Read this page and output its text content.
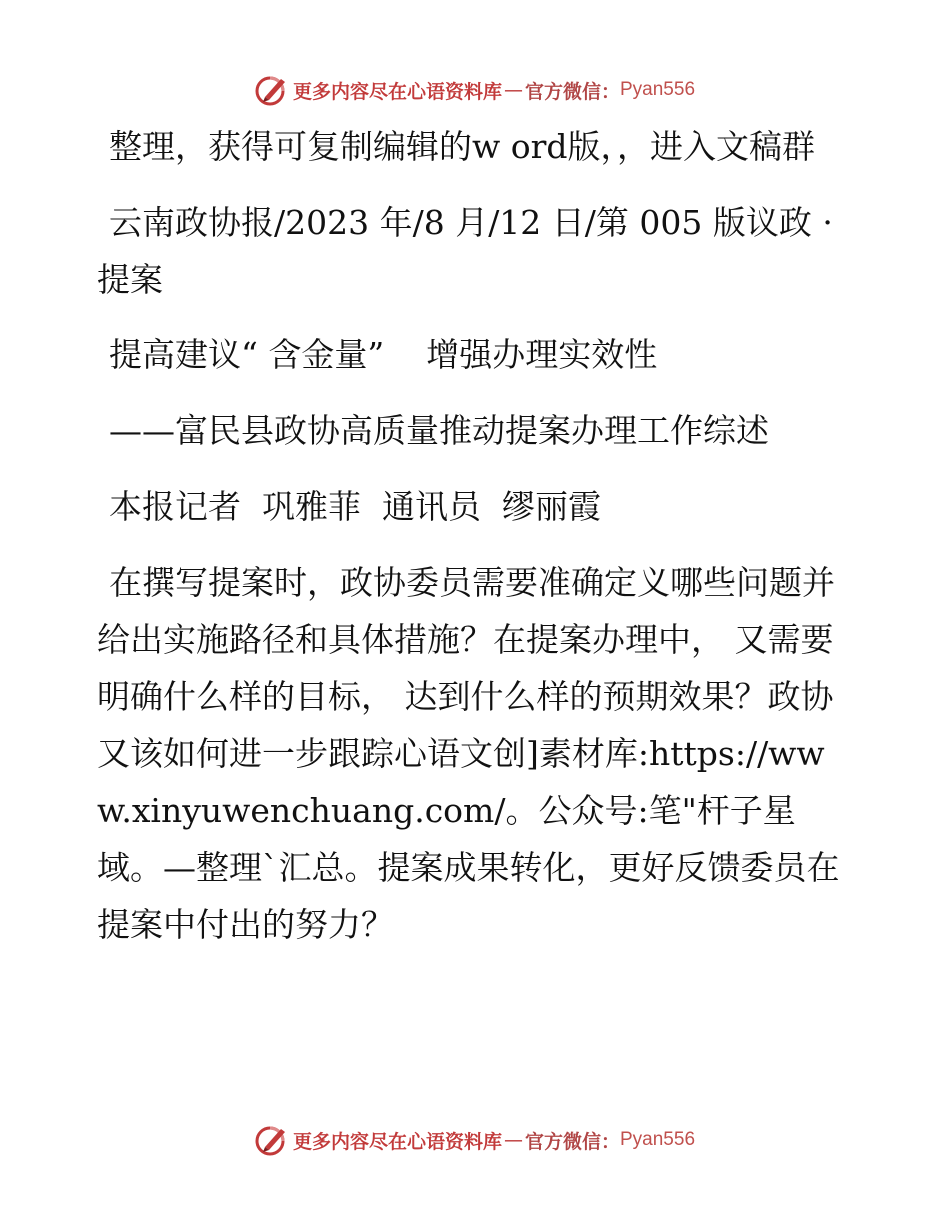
更多内容尽在心语资料库 — 官方微信： Pyan556

整理，获得可复制编辑的w ord版，，进入文稿群

云南政协报/2023 年/8 月/12 日/第 005 版议政 · 提案

提高建议“ 含金量”    增强办理实效性

——富民县政协高质量推动提案办理工作综述

本报记者  巩雅菲  通讯员  缪丽霞

在撰写提案时，政协委员需要准确定义哪些问题并给出实施路径和具体措施？在提案办理中， 又需要明确什么样的目标， 达到什么样的预期效果？政协又该如何进一步跟踪心语文创]素材库:https://www.xinyuwenchuang.com/。公众号:笔"杆子星域。—整理`汇总。提案成果转化，更好反馈委员在提案中付出的努力？

更多内容尽在心语资料库 — 官方微信： Pyan556
